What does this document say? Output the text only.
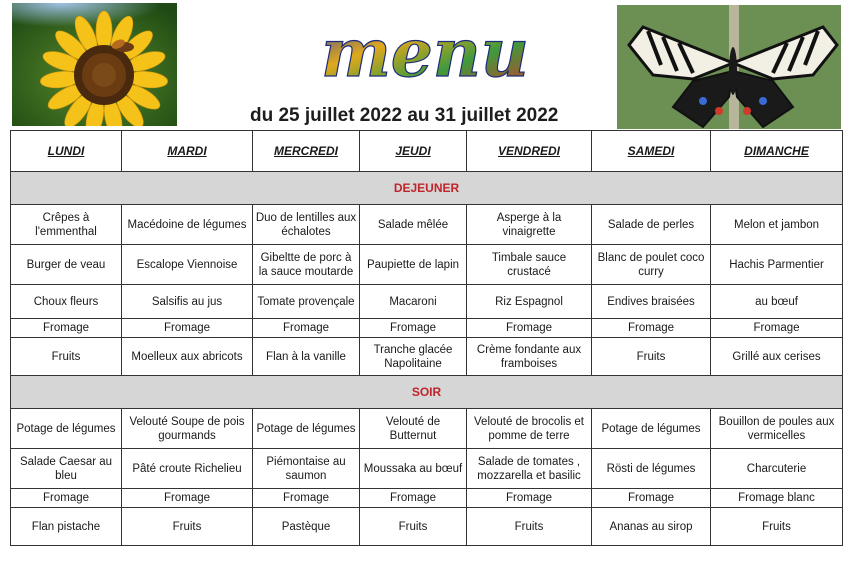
menu
du 25 juillet 2022 au 31 juillet 2022
LUNDI	MARDI	MERCREDI	JEUDI	VENDREDI	SAMEDI	DIMANCHE
DEJEUNER						
Crêpes à l'emmenthal	Macédoine de légumes	Duo de lentilles aux échalotes	Salade mêlée	Asperge à la vinaigrette	Salade de perles	Melon et jambon
Burger de veau	Escalope Viennoise	Gibeltte de porc à la sauce moutarde	Paupiette de lapin	Timbale sauce crustacé	Blanc de poulet coco curry	Hachis Parmentier
Choux fleurs	Salsifis au jus	Tomate provençale	Macaroni	Riz Espagnol	Endives braisées	au bœuf
Fromage	Fromage	Fromage	Fromage	Fromage	Fromage	Fromage
Fruits	Moelleux aux abricots	Flan à la vanille	Tranche glacée Napolitaine	Crème fondante aux framboises	Fruits	Grillé aux cerises
SOIR						
Potage de légumes	Velouté Soupe de pois gourmands	Potage de légumes	Velouté de Butternut	Velouté de brocolis et pomme de terre	Potage de légumes	Bouillon de poules aux vermicelles
Salade Caesar au bleu	Pâté croute Richelieu	Piémontaise au saumon	Moussaka au bœuf	Salade de tomates , mozzarella et basilic	Rösti de légumes	Charcuterie
Fromage	Fromage	Fromage	Fromage	Fromage	Fromage	Fromage blanc
Flan pistache	Fruits	Pastèque	Fruits	Fruits	Ananas au sirop	Fruits
